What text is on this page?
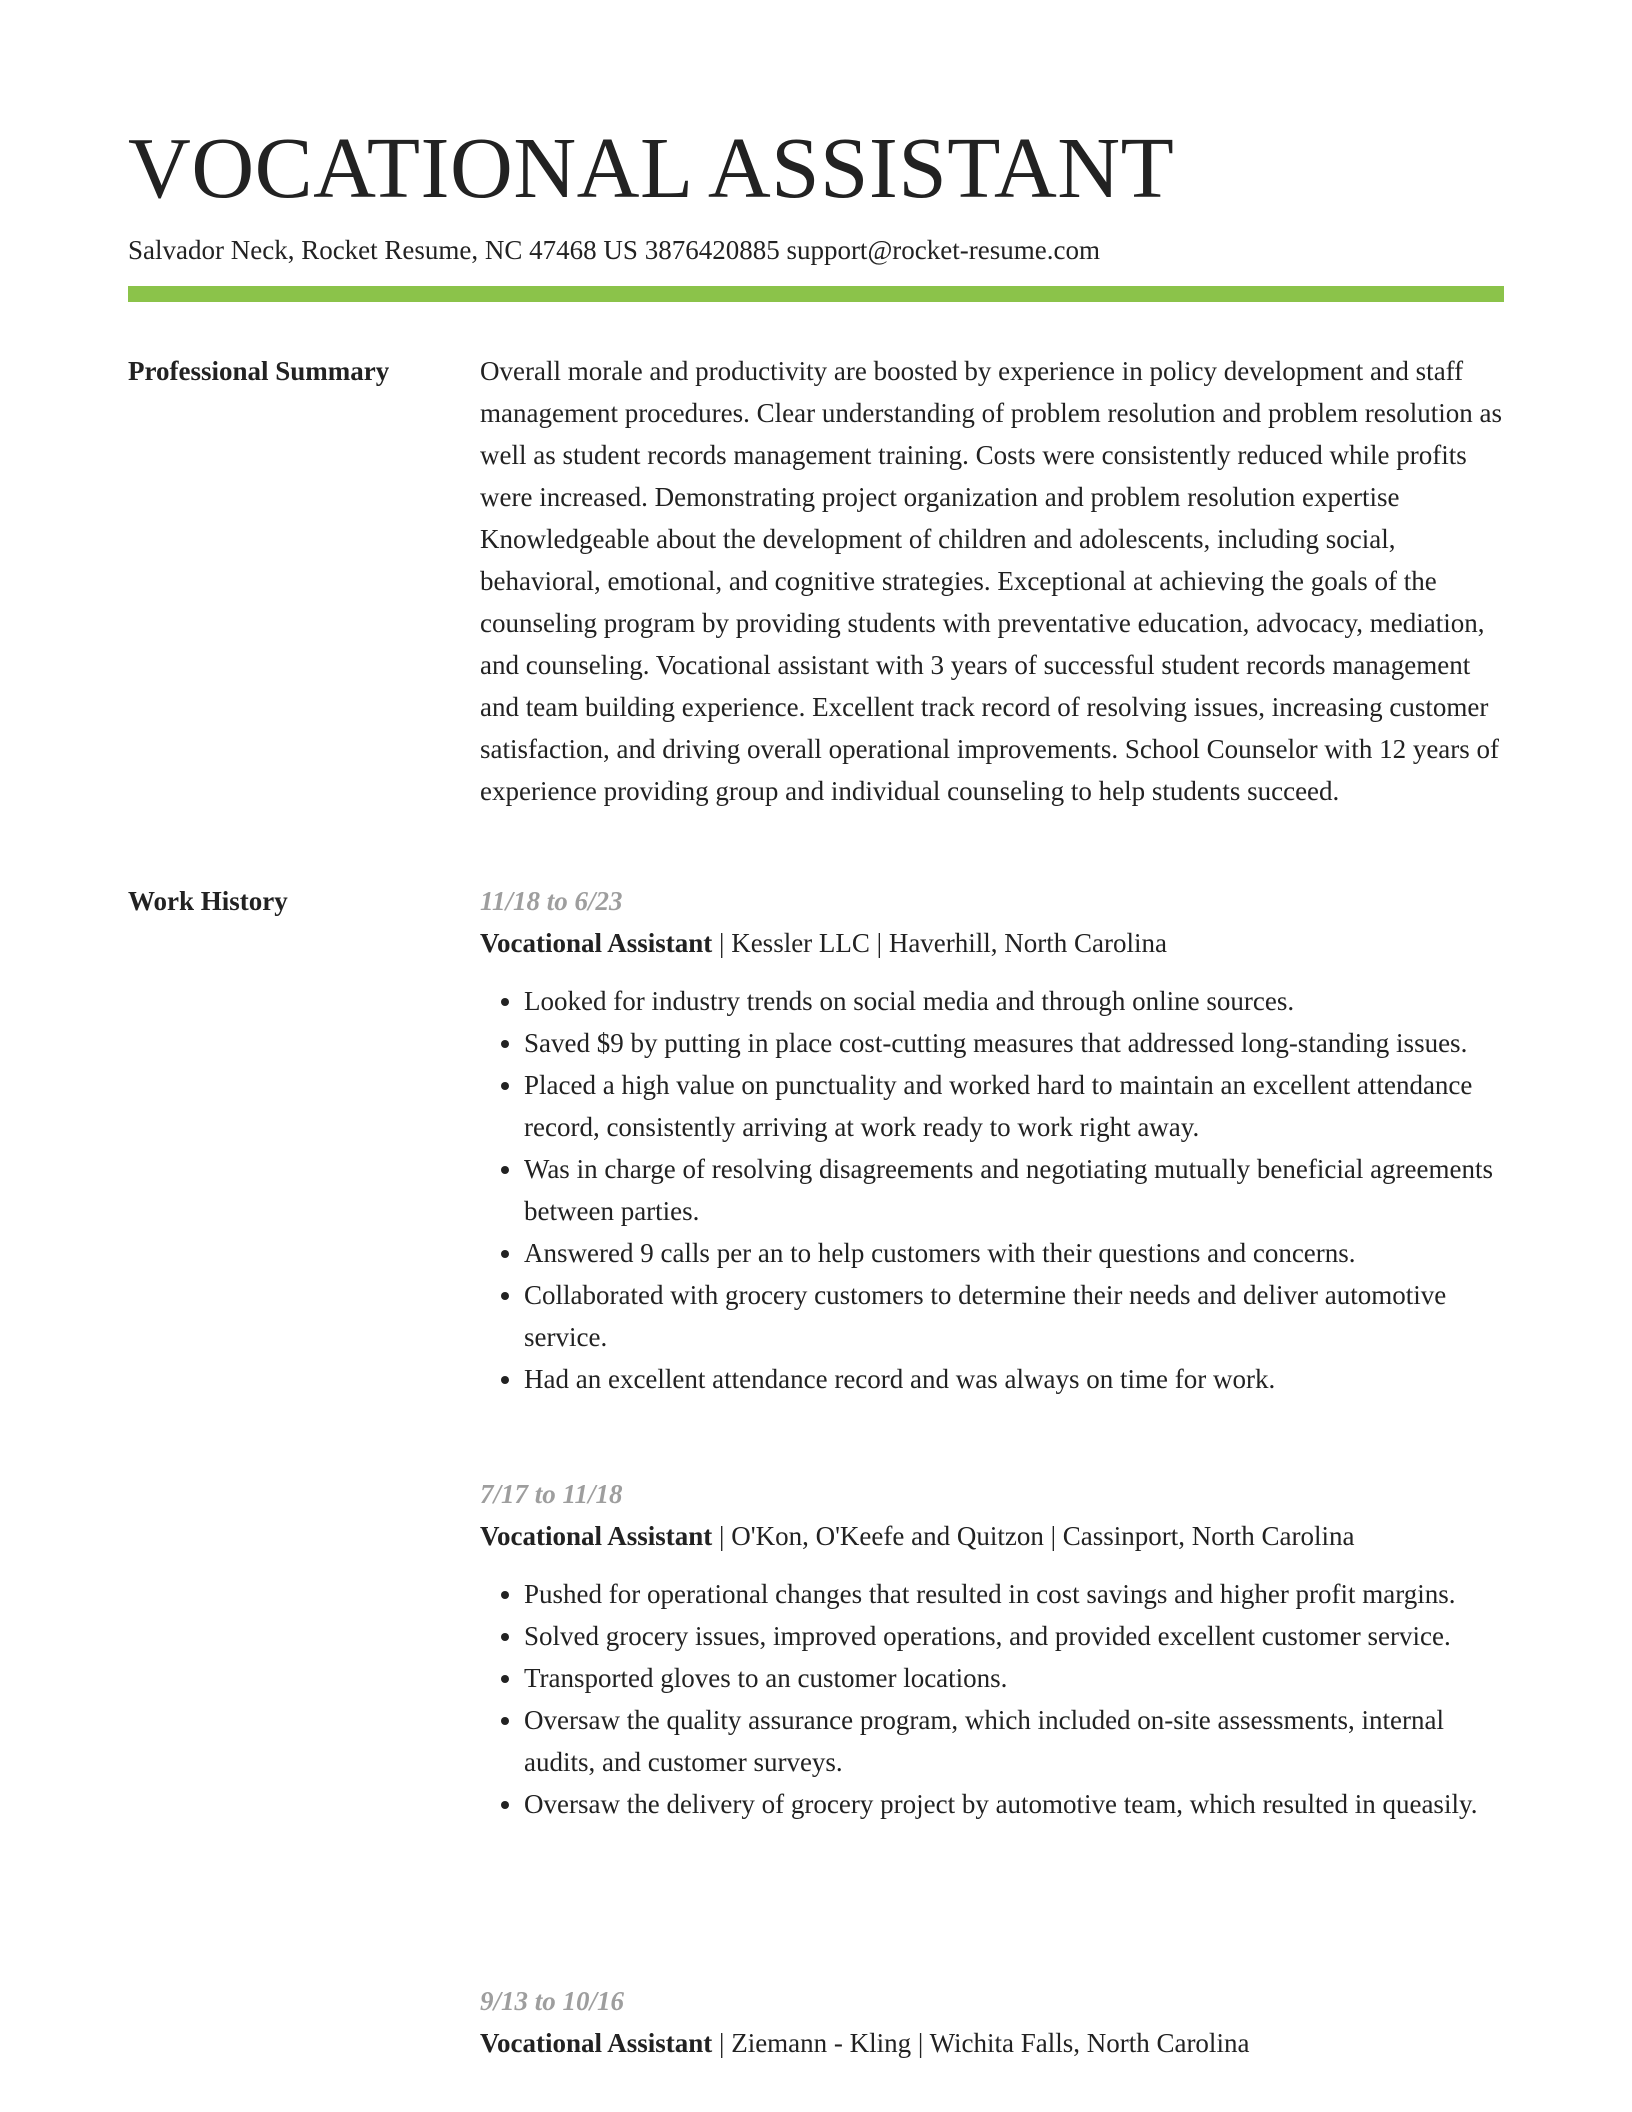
VOCATIONAL ASSISTANT
Salvador Neck, Rocket Resume, NC 47468 US 3876420885 support@rocket-resume.com
Professional Summary	Overall morale and productivity are boosted by experience in policy development and staff management procedures. Clear understanding of problem resolution and problem resolution as well as student records management training. Costs were consistently reduced while profits were increased. Demonstrating project organization and problem resolution expertise Knowledgeable about the development of children and adolescents, including social, behavioral, emotional, and cognitive strategies. Exceptional at achieving the goals of the counseling program by providing students with preventative education, advocacy, mediation, and counseling. Vocational assistant with 3 years of successful student records management and team building experience. Excellent track record of resolving issues, increasing customer satisfaction, and driving overall operational improvements. School Counselor with 12 years of experience providing group and individual counseling to help students succeed.

Work History	11/18 to 6/23

Vocational Assistant | Kessler LLC | Haverhill, North Carolina

• Looked for industry trends on social media and through online sources.
• Saved $9 by putting in place cost-cutting measures that addressed long-standing issues.
• Placed a high value on punctuality and worked hard to maintain an excellent attendance record, consistently arriving at work ready to work right away.
• Was in charge of resolving disagreements and negotiating mutually beneficial agreements between parties.
• Answered 9 calls per an to help customers with their questions and concerns.
• Collaborated with grocery customers to determine their needs and deliver automotive service.
• Had an excellent attendance record and was always on time for work.

7/17 to 11/18

Vocational Assistant | O'Kon, O'Keefe and Quitzon | Cassinport, North Carolina

• Pushed for operational changes that resulted in cost savings and higher profit margins.
• Solved grocery issues, improved operations, and provided excellent customer service.
• Transported gloves to an customer locations.
• Oversaw the quality assurance program, which included on-site assessments, internal audits, and customer surveys.
• Oversaw the delivery of grocery project by automotive team, which resulted in queasily.

9/13 to 10/16

Vocational Assistant | Ziemann - Kling | Wichita Falls, North Carolina
